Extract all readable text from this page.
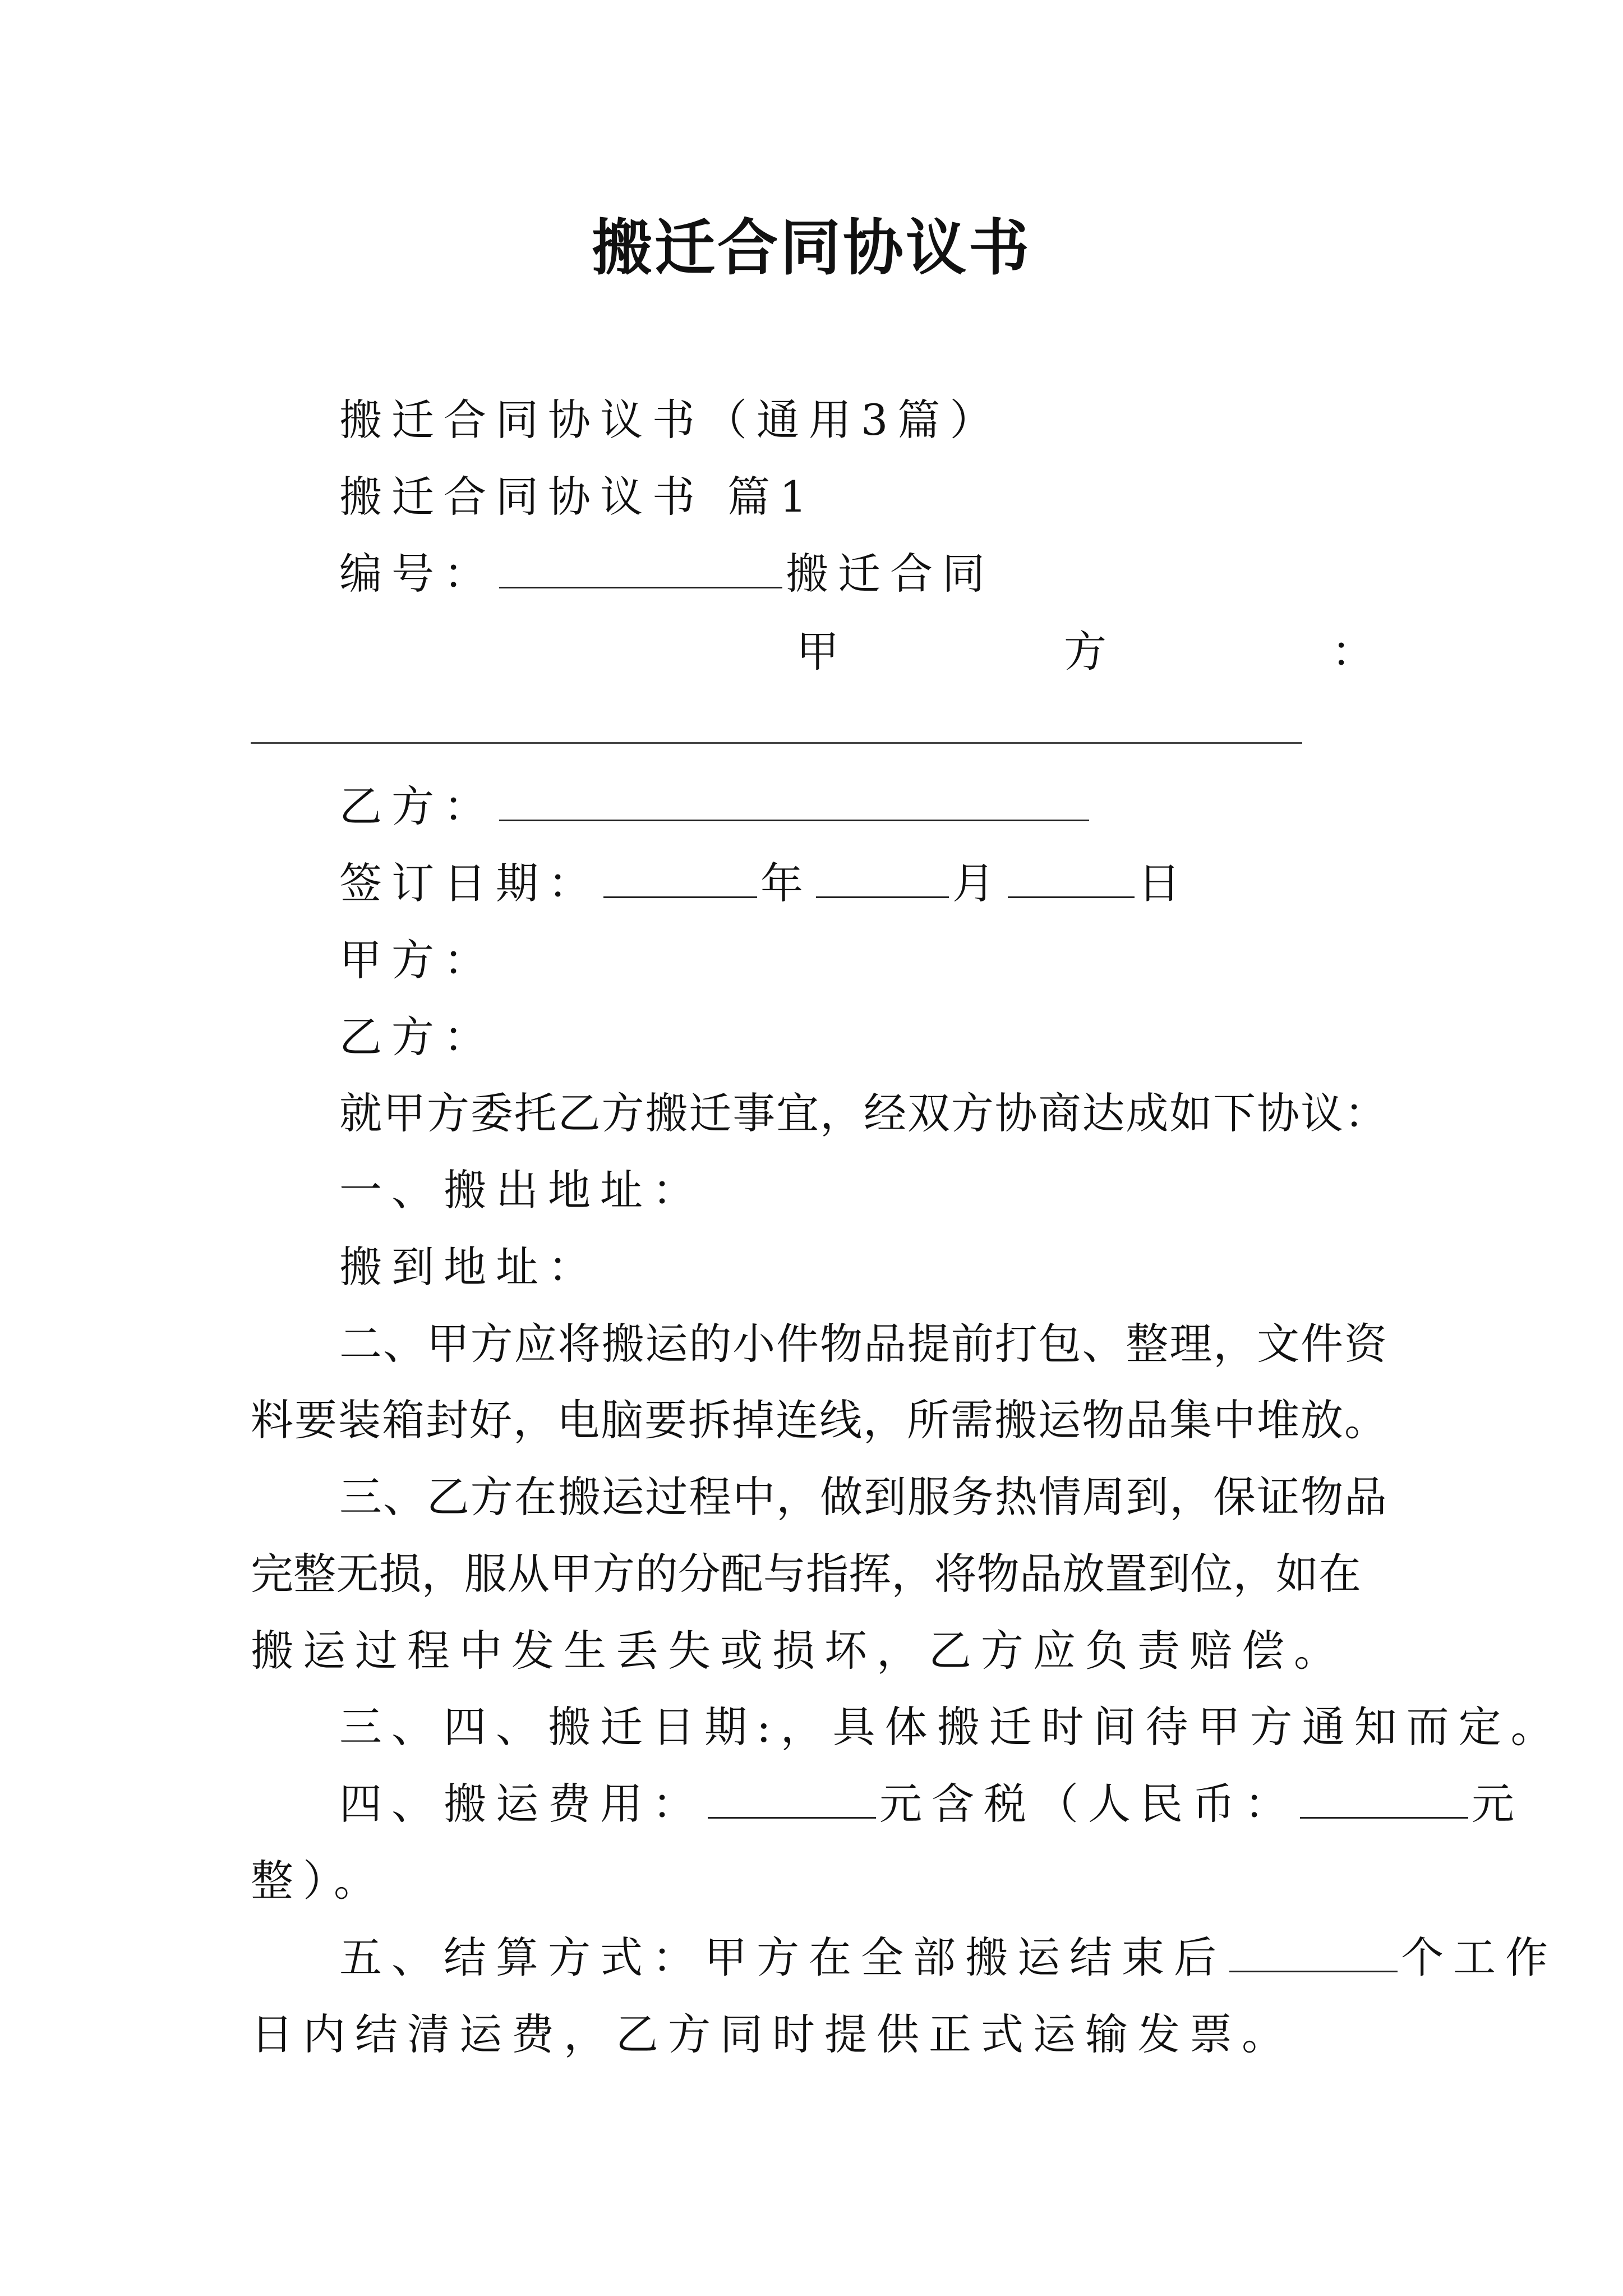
搬迁合同协议书
搬迁合同协议书（通用3篇）
搬迁合同协议书 篇1
编号：	搬迁合同
甲	方	：
乙方：
签订日期：	年	月	日
甲方：
乙方：
就甲方委托乙方搬迁事宜，经双方协商达成如下协议：
一、搬出地址：
搬到地址：
二、甲方应将搬运的小件物品提前打包、整理，文件资
料要装箱封好，电脑要拆掉连线，所需搬运物品集中堆放。
三、乙方在搬运过程中，做到服务热情周到，保证物品
完整无损，服从甲方的分配与指挥，将物品放置到位，如在
搬运过程中发生丢失或损坏，乙方应负责赔偿。
三、四、搬迁日期:，具体搬迁时间待甲方通知而定。
四、搬运费用：	元含税（人民币：	元
整）。
五、结算方式：甲方在全部搬运结束后	个工作
日内结清运费，乙方同时提供正式运输发票。
